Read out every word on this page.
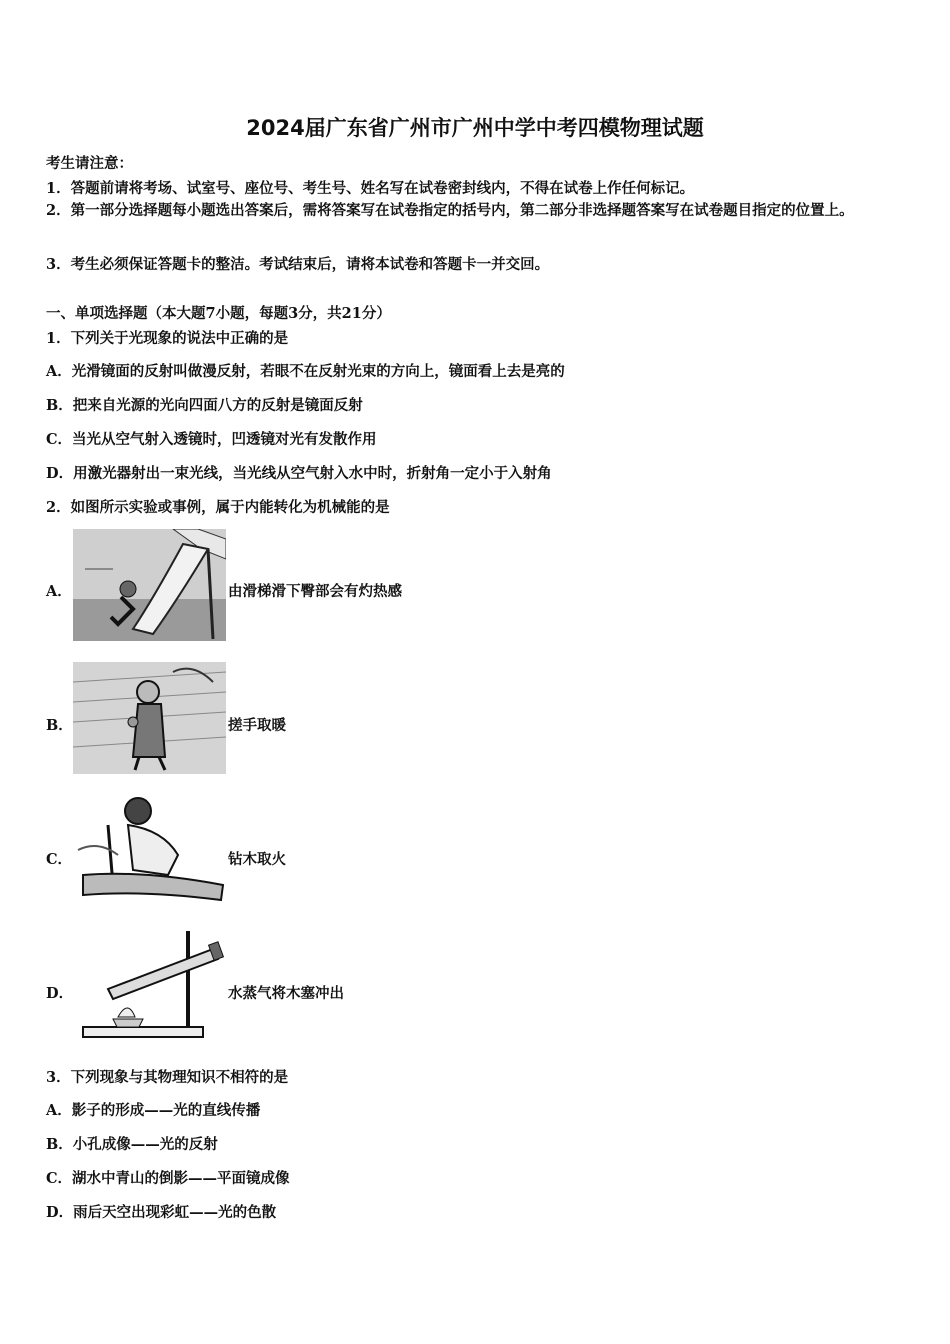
2024届广东省广州市广州中学中考四模物理试题
考生请注意：
1．答题前请将考场、试室号、座位号、考生号、姓名写在试卷密封线内，不得在试卷上作任何标记。
2．第一部分选择题每小题选出答案后，需将答案写在试卷指定的括号内，第二部分非选择题答案写在试卷题目指定的位置上。
3．考生必须保证答题卡的整洁。考试结束后，请将本试卷和答题卡一并交回。
一、单项选择题（本大题7小题，每题3分，共21分）
1．下列关于光现象的说法中正确的是
A．光滑镜面的反射叫做漫反射，若眼不在反射光束的方向上，镜面看上去是亮的
B．把来自光源的光向四面八方的反射是镜面反射
C．当光从空气射入透镜时，凹透镜对光有发散作用
D．用激光器射出一束光线，当光线从空气射入水中时，折射角一定小于入射角
2．如图所示实验或事例，属于内能转化为机械能的是
A．	由滑梯滑下臀部会有灼热感
B．	搓手取暖
C．	钻木取火
D．	水蒸气将木塞冲出
3．下列现象与其物理知识不相符的是
A．影子的形成——光的直线传播
B．小孔成像——光的反射
C．湖水中青山的倒影——平面镜成像
D．雨后天空出现彩虹——光的色散
